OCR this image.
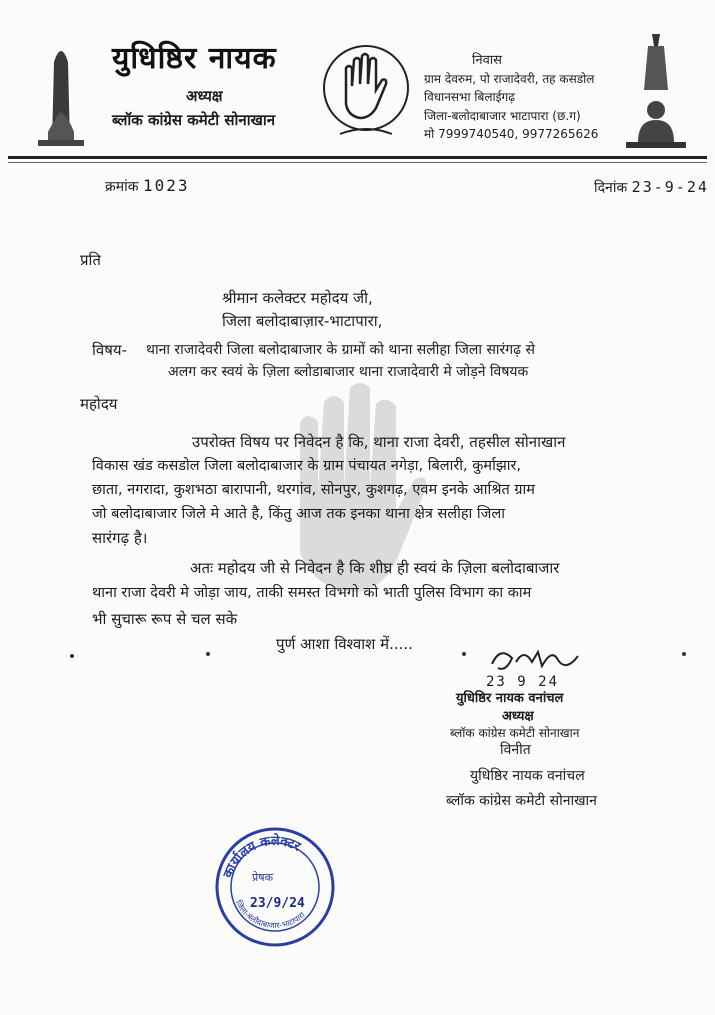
युधिष्ठिर नायक
अध्यक्ष
ब्लॉक कांग्रेस कमेटी सोनाखान
निवास
ग्राम देवरुम, पो राजादेवरी, तह कसडोल
विधानसभा बिलाईगढ़
जिला-बलोदाबाजार भाटापारा (छ.ग)
मो 7999740540, 9977265626
क्रमांक 1023	दिनांक 23-9-24
प्रति
श्रीमान कलेक्टर महोदय जी,
जिला बलोदाबाज़ार-भाटापारा,
विषय- थाना राजादेवरी जिला बलोदाबाजार के ग्रामों को थाना सलीहा जिला सारंगढ़ से
अलग कर स्वयं के ज़िला ब्लोडाबाजार थाना राजादेवारी मे जोड़ने विषयक
महोदय
उपरोक्त विषय पर निवेदन है कि, थाना राजा देवरी, तहसील सोनाखान
विकास खंड कसडोल जिला बलोदाबाजार के ग्राम पंचायत नगेड़ा, बिलारी, कुर्माझार,
छाता, नगरादा, कुशभठा बारापानी, थरगांव, सोनपुर, कुशगढ़, एवम इनके आश्रित ग्राम
जो बलोदाबाजार जिले मे आते है, किंतु आज तक इनका थाना क्षेत्र सलीहा जिला
सारंगढ़ है।
अतः महोदय जी से निवेदन है कि शीघ्र ही स्वयं के ज़िला बलोदाबाजार
थाना राजा देवरी मे जोड़ा जाय, ताकी समस्त विभगो को भाती पुलिस विभाग का काम
भी सुचारू रूप से चल सके
पुर्ण आशा विश्वाश में.....
23 9 24
युधिष्ठिर नायक वनांचल
अध्यक्ष
ब्लॉक कांग्रेस कमेटी सोनाखान
विनीत
युधिष्ठिर नायक वनांचल
ब्लॉक कांग्रेस कमेटी सोनाखान
कार्यालय कलेक्टर
जिला-बलौदाबाजार-भाटापारा
प्रेषक
23/9/24
